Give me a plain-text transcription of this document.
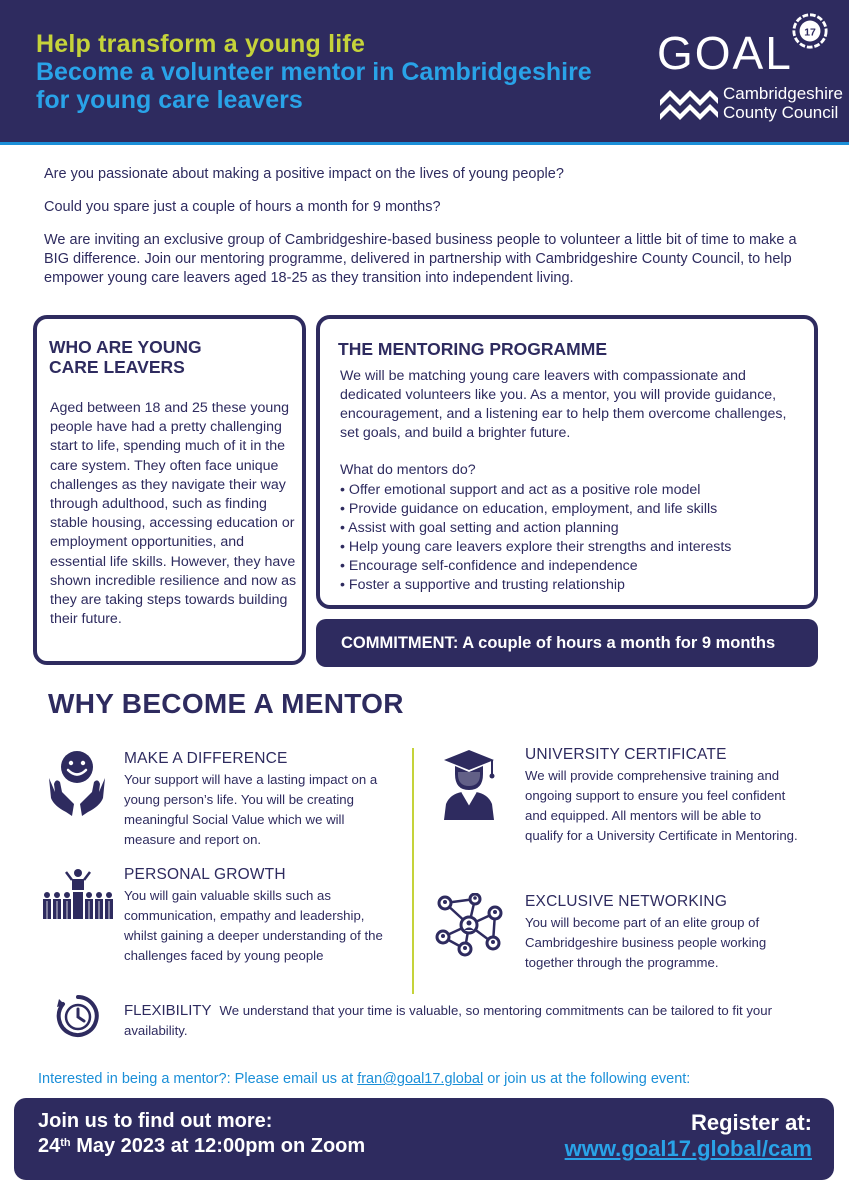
Help transform a young life
Become a volunteer mentor in Cambridgeshire
for young care leavers
GOAL 17
Cambridgeshire
County Council

Are you passionate about making a positive impact on the lives of young people?

Could you spare just a couple of hours a month for 9 months?

We are inviting an exclusive group of Cambridgeshire-based business people to volunteer a little bit of time to make a BIG difference. Join our mentoring programme, delivered in partnership with Cambridgeshire County Council, to help empower young care leavers aged 18-25 as they transition into independent living.

WHO ARE YOUNG
CARE LEAVERS
Aged between 18 and 25 these young people have had a pretty challenging start to life, spending much of it in the care system. They often face unique challenges as they navigate their way through adulthood, such as finding stable housing, accessing education or employment opportunities, and essential life skills. However, they have shown incredible resilience and now as they are taking steps towards building their future.
THE MENTORING PROGRAMME
We will be matching young care leavers with compassionate and dedicated volunteers like you. As a mentor, you will provide guidance, encouragement, and a listening ear to help them overcome challenges, set goals, and build a brighter future.
What do mentors do?
• Offer emotional support and act as a positive role model
• Provide guidance on education, employment, and life skills
• Assist with goal setting and action planning
• Help young care leavers explore their strengths and interests
• Encourage self-confidence and independence
• Foster a supportive and trusting relationship
COMMITMENT: A couple of hours a month for 9 months
WHY BECOME A MENTOR
MAKE A DIFFERENCE
Your support will have a lasting impact on a young person’s life. You will be creating meaningful Social Value which we will measure and report on.
PERSONAL GROWTH
You will gain valuable skills such as communication, empathy and leadership, whilst gaining a deeper understanding of the challenges faced by young people
UNIVERSITY CERTIFICATE
We will provide comprehensive training and ongoing support to ensure you feel confident and equipped. All mentors will be able to qualify for a University Certificate in Mentoring.
EXCLUSIVE NETWORKING
You will become part of an elite group of Cambridgeshire business people working together through the programme.
FLEXIBILITY We understand that your time is valuable, so mentoring commitments can be tailored to fit your availability.
Interested in being a mentor?: Please email us at fran@goal17.global or join us at the following event:
Join us to find out more:
24th May 2023 at 12:00pm on Zoom
Register at:
www.goal17.global/cam
